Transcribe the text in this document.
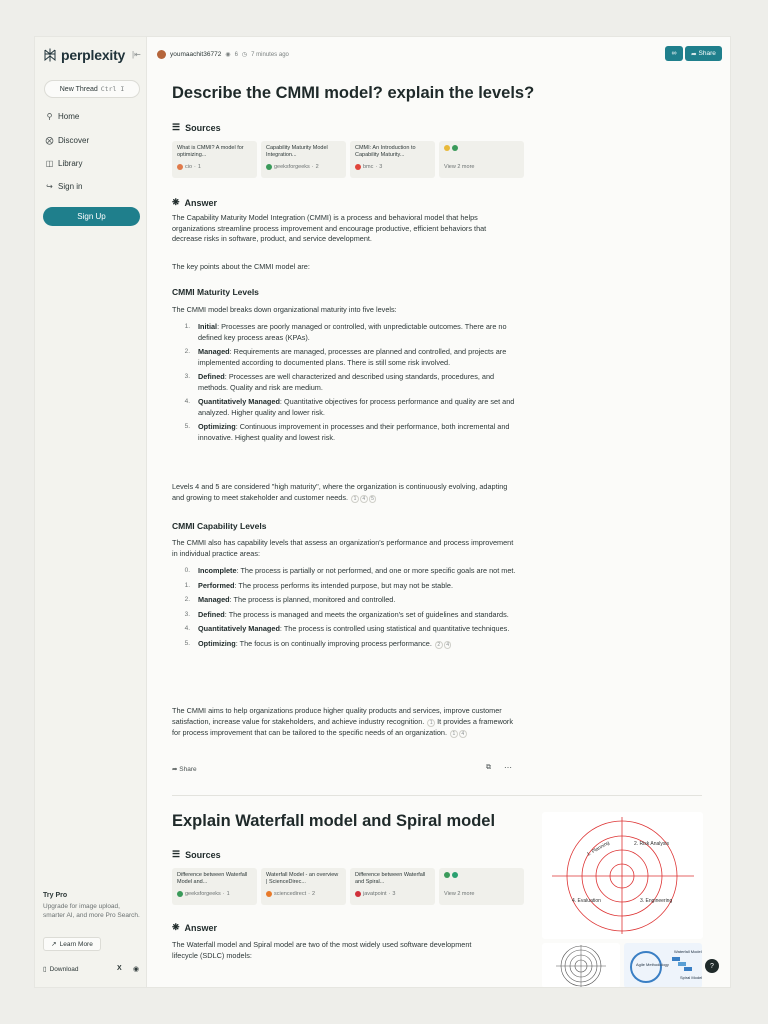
perplexity |⇤
New Thread Ctrl I
⚲ Home
⨂ Discover
◫ Library
↪ Sign in
Sign Up
Try Pro
Upgrade for image upload, smarter AI, and more Pro Search.
↗ Learn More
▯ Download	X ◉
youmaachit36772 ◉ 6 ◷ 7 minutes ago	∞ ➦ Share
Describe the CMMI model? explain the levels?
☰ Sources
What is CMMI? A model for optimizing...
cio · 1
Capability Maturity Model Integration...
geeksforgeeks · 2
CMMI: An Introduction to Capability Maturity...
bmc · 3	View 2 more
❋ Answer

The Capability Maturity Model Integration (CMMI) is a process and behavioral model that helps organizations streamline process improvement and encourage productive, efficient behaviors that decrease risks in software, product, and service development.

The key points about the CMMI model are:

CMMI Maturity Levels

The CMMI model breaks down organizational maturity into five levels:

1.	Initial: Processes are poorly managed or controlled, with unpredictable outcomes. There are no defined key process areas (KPAs).
2.	Managed: Requirements are managed, processes are planned and controlled, and projects are implemented according to documented plans. There is still some risk involved.
3.	Defined: Processes are well characterized and described using standards, procedures, and methods. Quality and risk are medium.
4.	Quantitatively Managed: Quantitative objectives for process performance and quality are set and analyzed. Higher quality and lower risk.
5.	Optimizing: Continuous improvement in processes and their performance, both incremental and innovative. Highest quality and lowest risk.

Levels 4 and 5 are considered "high maturity", where the organization is continuously evolving, adapting and growing to meet stakeholder and customer needs. 1 4 5

CMMI Capability Levels

The CMMI also has capability levels that assess an organization's performance and process improvement in individual practice areas:

0.	Incomplete: The process is partially or not performed, and one or more specific goals are not met.
1.	Performed: The process performs its intended purpose, but may not be stable.
2.	Managed: The process is planned, monitored and controlled.
3.	Defined: The process is managed and meets the organization's set of guidelines and standards.
4.	Quantitatively Managed: The process is controlled using statistical and quantitative techniques.
5.	Optimizing: The focus is on continually improving process performance. 2 4

The CMMI aims to help organizations produce higher quality products and services, improve customer satisfaction, increase value for stakeholders, and achieve industry recognition. 1 It provides a framework for process improvement that can be tailored to the specific needs of an organization. 1 4

➦ Share	⧉ ⋯
Explain Waterfall model and Spiral model
☰ Sources
Difference between Waterfall Model and...
geeksforgeeks · 1
Waterfall Model - an overview | ScienceDirec...
sciencedirect · 2
Difference between Waterfall and Spiral...
javatpoint · 3	View 2 more
❋ Answer

The Waterfall model and Spiral model are two of the most widely used software development lifecycle (SDLC) models:

1. Planning	2. Risk Analysis
3. Engineering
4. Evaluation
Agile Methodology
Waterfall Model
Spiral Model
?
